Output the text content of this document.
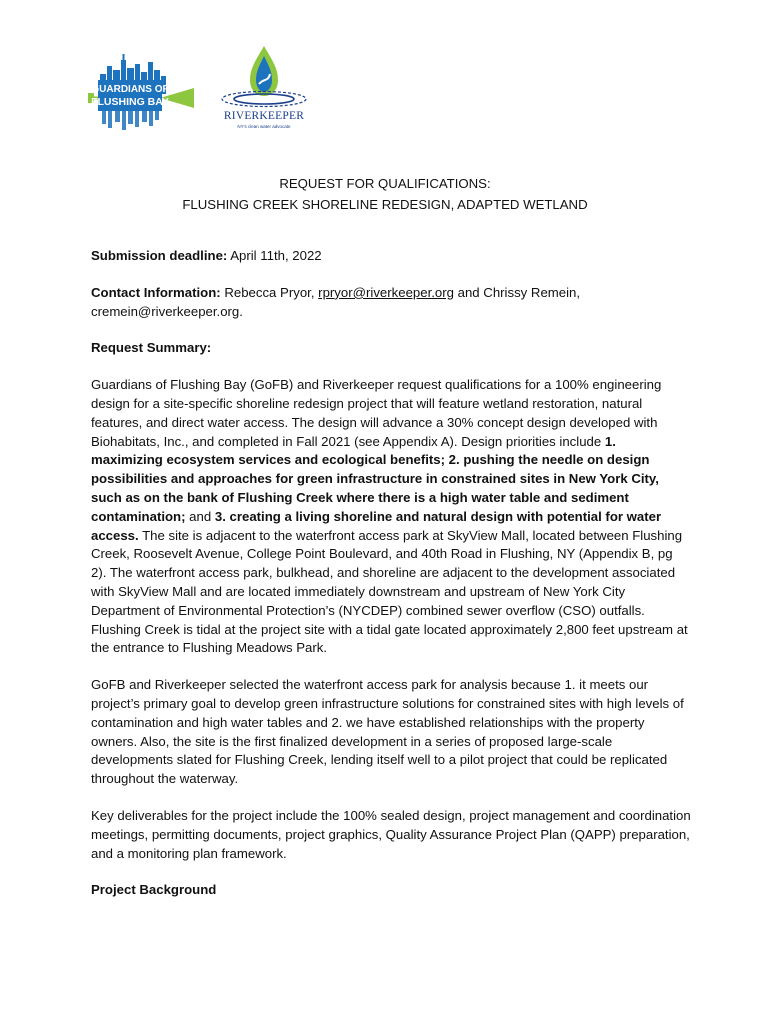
GUARDIANS OF
FLUSHING BAY
RIVERKEEPER
NY's clean water advocate
REQUEST FOR QUALIFICATIONS:
FLUSHING CREEK SHORELINE REDESIGN, ADAPTED WETLAND

Submission deadline: April 11th, 2022

Contact Information: Rebecca Pryor, rpryor@riverkeeper.org and Chrissy Remein, cremein@riverkeeper.org.

Request Summary:

Guardians of Flushing Bay (GoFB) and Riverkeeper request qualifications for a 100% engineering design for a site-specific shoreline redesign project that will feature wetland restoration, natural features, and direct water access. The design will advance a 30% concept design developed with Biohabitats, Inc., and completed in Fall 2021 (see Appendix A). Design priorities include 1. maximizing ecosystem services and ecological benefits; 2. pushing the needle on design possibilities and approaches for green infrastructure in constrained sites in New York City, such as on the bank of Flushing Creek where there is a high water table and sediment contamination; and 3. creating a living shoreline and natural design with potential for water access. The site is adjacent to the waterfront access park at SkyView Mall, located between Flushing Creek, Roosevelt Avenue, College Point Boulevard, and 40th Road in Flushing, NY (Appendix B, pg 2). The waterfront access park, bulkhead, and shoreline are adjacent to the development associated with SkyView Mall and are located immediately downstream and upstream of New York City Department of Environmental Protection’s (NYCDEP) combined sewer overflow (CSO) outfalls. Flushing Creek is tidal at the project site with a tidal gate located approximately 2,800 feet upstream at the entrance to Flushing Meadows Park.

GoFB and Riverkeeper selected the waterfront access park for analysis because 1. it meets our project’s primary goal to develop green infrastructure solutions for constrained sites with high levels of contamination and high water tables and 2. we have established relationships with the property owners. Also, the site is the first finalized development in a series of proposed large-scale developments slated for Flushing Creek, lending itself well to a pilot project that could be replicated throughout the waterway.

Key deliverables for the project include the 100% sealed design, project management and coordination meetings, permitting documents, project graphics, Quality Assurance Project Plan (QAPP) preparation, and a monitoring plan framework.

Project Background
